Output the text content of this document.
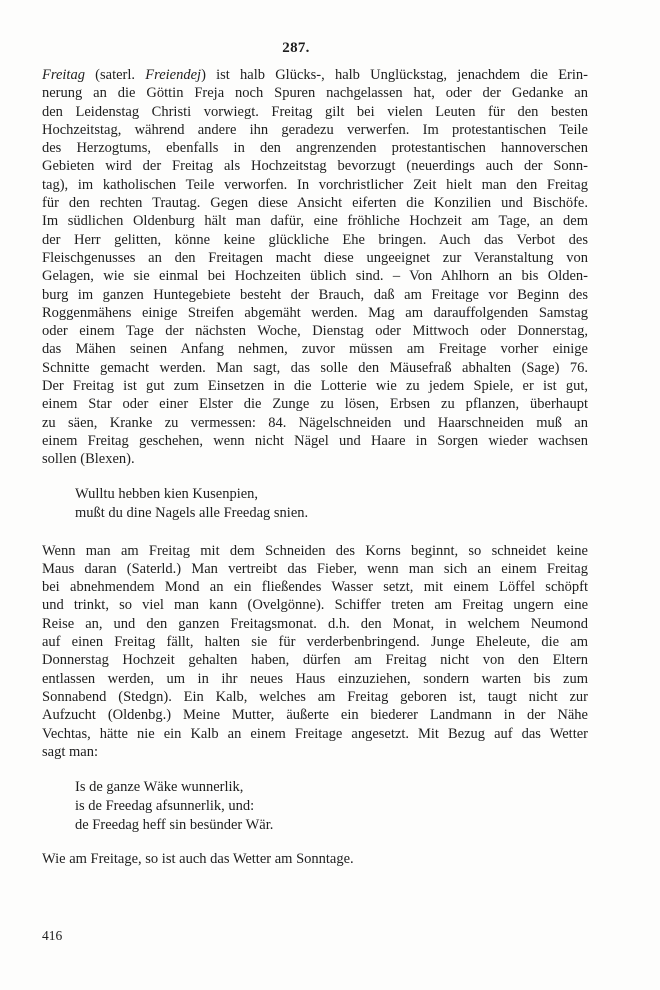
287.
Freitag (saterl. Freiendej) ist halb Glücks-, halb Unglückstag, jenachdem die Erin-
nerung an die Göttin Freja noch Spuren nachgelassen hat, oder der Gedanke an
den Leidenstag Christi vorwiegt. Freitag gilt bei vielen Leuten für den besten
Hochzeitstag, während andere ihn geradezu verwerfen. Im protestantischen Teile
des Herzogtums, ebenfalls in den angrenzenden protestantischen hannoverschen
Gebieten wird der Freitag als Hochzeitstag bevorzugt (neuerdings auch der Sonn-
tag), im katholischen Teile verworfen. In vorchristlicher Zeit hielt man den Freitag
für den rechten Trautag. Gegen diese Ansicht eiferten die Konzilien und Bischöfe.
Im südlichen Oldenburg hält man dafür, eine fröhliche Hochzeit am Tage, an dem
der Herr gelitten, könne keine glückliche Ehe bringen. Auch das Verbot des
Fleischgenusses an den Freitagen macht diese ungeeignet zur Veranstaltung von
Gelagen, wie sie einmal bei Hochzeiten üblich sind. – Von Ahlhorn an bis Olden-
burg im ganzen Huntegebiete besteht der Brauch, daß am Freitage vor Beginn des
Roggenmähens einige Streifen abgemäht werden. Mag am darauffolgenden Samstag
oder einem Tage der nächsten Woche, Dienstag oder Mittwoch oder Donnerstag,
das Mähen seinen Anfang nehmen, zuvor müssen am Freitage vorher einige
Schnitte gemacht werden. Man sagt, das solle den Mäusefraß abhalten (Sage) 76.
Der Freitag ist gut zum Einsetzen in die Lotterie wie zu jedem Spiele, er ist gut,
einem Star oder einer Elster die Zunge zu lösen, Erbsen zu pflanzen, überhaupt
zu säen, Kranke zu vermessen: 84. Nägelschneiden und Haarschneiden muß an
einem Freitag geschehen, wenn nicht Nägel und Haare in Sorgen wieder wachsen
sollen (Blexen).
Wulltu hebben kien Kusenpien,
mußt du dine Nagels alle Freedag snien.
Wenn man am Freitag mit dem Schneiden des Korns beginnt, so schneidet keine
Maus daran (Saterld.) Man vertreibt das Fieber, wenn man sich an einem Freitag
bei abnehmendem Mond an ein fließendes Wasser setzt, mit einem Löffel schöpft
und trinkt, so viel man kann (Ovelgönne). Schiffer treten am Freitag ungern eine
Reise an, und den ganzen Freitagsmonat. d.h. den Monat, in welchem Neumond
auf einen Freitag fällt, halten sie für verderbenbringend. Junge Eheleute, die am
Donnerstag Hochzeit gehalten haben, dürfen am Freitag nicht von den Eltern
entlassen werden, um in ihr neues Haus einzuziehen, sondern warten bis zum
Sonnabend (Stedgn). Ein Kalb, welches am Freitag geboren ist, taugt nicht zur
Aufzucht (Oldenbg.) Meine Mutter, äußerte ein biederer Landmann in der Nähe
Vechtas, hätte nie ein Kalb an einem Freitage angesetzt. Mit Bezug auf das Wetter
sagt man:
Is de ganze Wäke wunnerlik,
is de Freedag afsunnerlik, und:
de Freedag heff sin besünder Wär.
Wie am Freitage, so ist auch das Wetter am Sonntage.
416
